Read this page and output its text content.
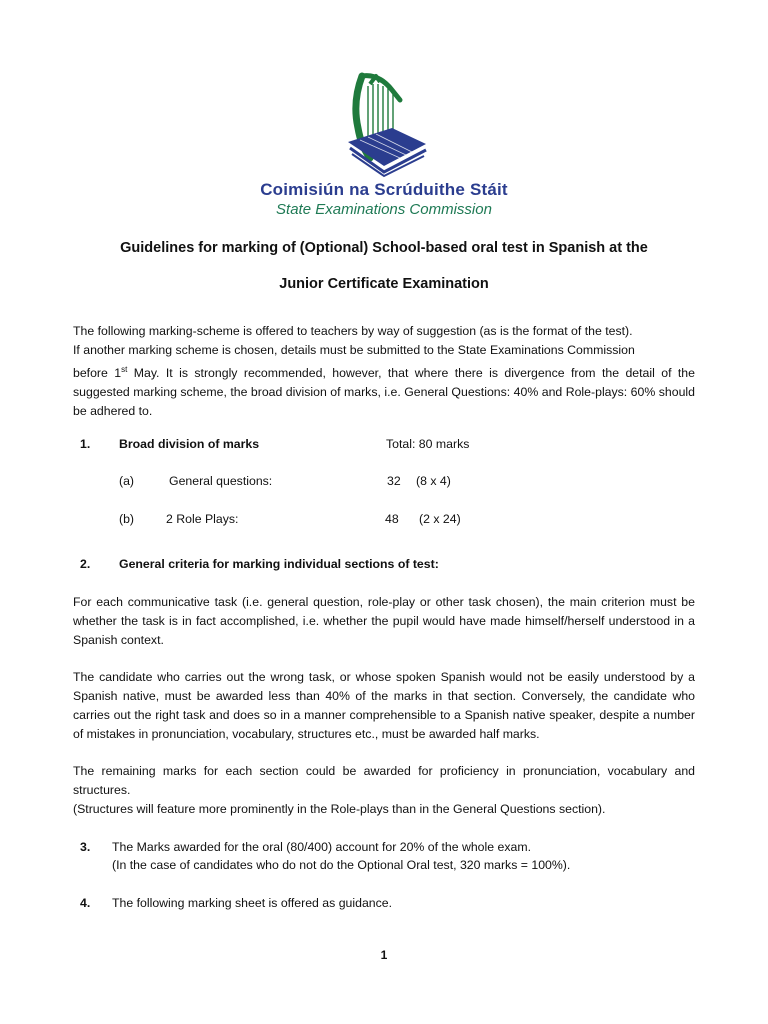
Coimisiún na Scrúduithe Stáit
State Examinations Commission
Guidelines for marking of (Optional) School-based oral test in Spanish at the
Junior Certificate Examination
The following marking-scheme is offered to teachers by way of suggestion (as is the format of the test).
If another marking scheme is chosen, details must be submitted to the State Examinations Commission
before 1st May. It is strongly recommended, however, that where there is divergence from the detail of the suggested marking scheme, the broad division of marks, i.e. General Questions: 40% and Role-plays: 60% should be adhered to.
1. Broad division of marks	Total: 80 marks
(a)	General questions:	32 (8 x 4)
(b)	2 Role Plays:	48 (2 x 24)
2. General criteria for marking individual sections of test:
For each communicative task (i.e. general question, role-play or other task chosen), the main criterion must be whether the task is in fact accomplished, i.e. whether the pupil would have made himself/herself understood in a Spanish context.
The candidate who carries out the wrong task, or whose spoken Spanish would not be easily understood by a Spanish native, must be awarded less than 40% of the marks in that section. Conversely, the candidate who carries out the right task and does so in a manner comprehensible to a Spanish native speaker, despite a number of mistakes in pronunciation, vocabulary, structures etc., must be awarded half marks.
The remaining marks for each section could be awarded for proficiency in pronunciation, vocabulary and structures.
(Structures will feature more prominently in the Role-plays than in the General Questions section).
3. The Marks awarded for the oral (80/400) account for 20% of the whole exam.
(In the case of candidates who do not do the Optional Oral test, 320 marks = 100%).
4. The following marking sheet is offered as guidance.
1
